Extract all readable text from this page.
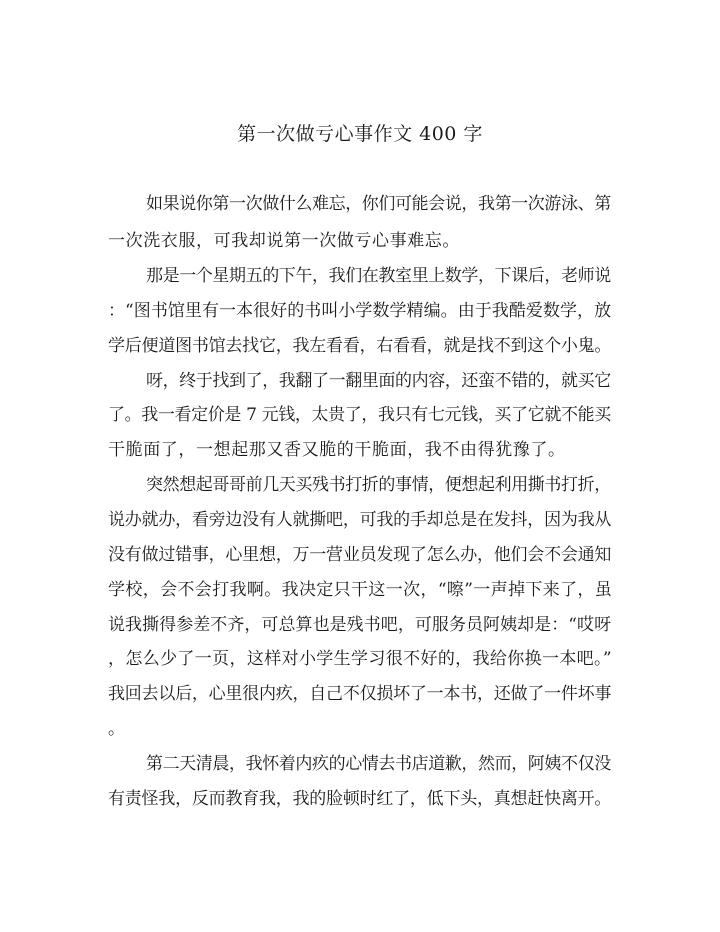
第一次做亏心事作文 400 字
如果说你第一次做什么难忘，你们可能会说，我第一次游泳、第
一次洗衣服，可我却说第一次做亏心事难忘。
那是一个星期五的下午，我们在教室里上数学，下课后，老师说
：“图书馆里有一本很好的书叫小学数学精编。由于我酷爱数学，放
学后便道图书馆去找它，我左看看，右看看，就是找不到这个小鬼。
呀，终于找到了，我翻了一翻里面的内容，还蛮不错的，就买它
了。我一看定价是 7 元钱，太贵了，我只有七元钱，买了它就不能买
干脆面了，一想起那又香又脆的干脆面，我不由得犹豫了。
突然想起哥哥前几天买残书打折的事情，便想起利用撕书打折，
说办就办，看旁边没有人就撕吧，可我的手却总是在发抖，因为我从
没有做过错事，心里想，万一营业员发现了怎么办，他们会不会通知
学校，会不会打我啊。我决定只干这一次，“嚓”一声掉下来了，虽
说我撕得参差不齐，可总算也是残书吧，可服务员阿姨却是：“哎呀
，怎么少了一页，这样对小学生学习很不好的，我给你换一本吧。”
我回去以后，心里很内疚，自己不仅损坏了一本书，还做了一件坏事
。
第二天清晨，我怀着内疚的心情去书店道歉，然而，阿姨不仅没
有责怪我，反而教育我，我的脸顿时红了，低下头，真想赶快离开。
